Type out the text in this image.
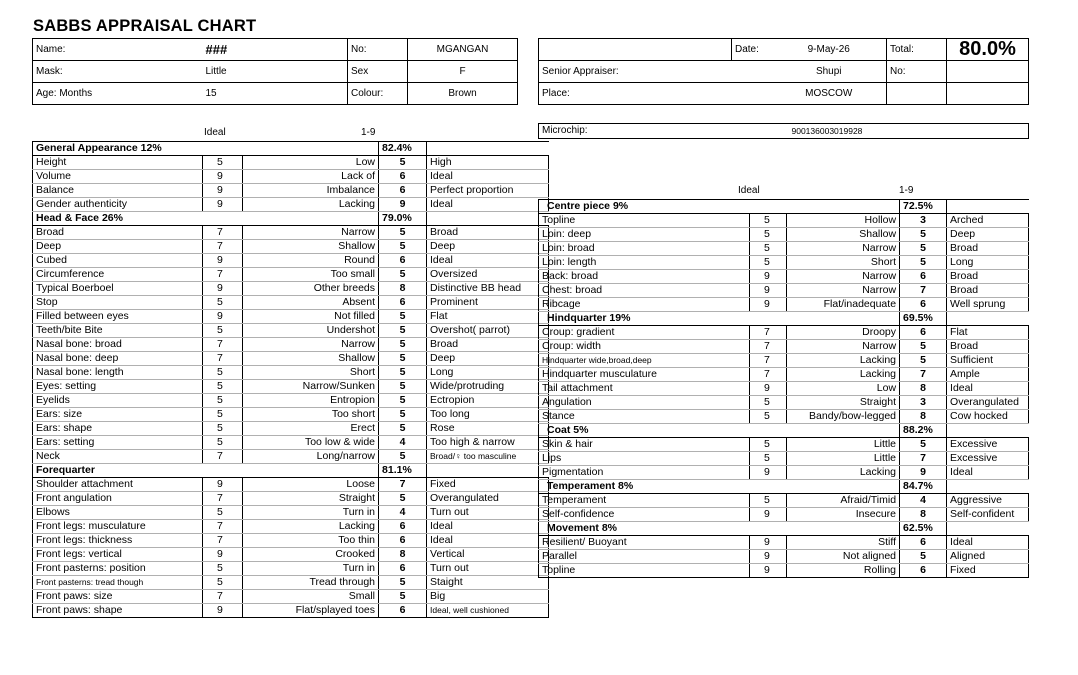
SABBS APPRAISAL CHART
Name:	###	No:	MGANGAN
Mask:	Little	Sex	F
Age: Months	15	Colour:	Brown
	Date:	9-May-26	Total:	80.0%
Senior Appraiser:		Shupi	No:	
Place:		MOSCOW		
Microchip:	900136003019928
Ideal	1-9
Ideal	1-9
General Appearance 12%			82.4%	
Height	5	Low	5	High
Volume	9	Lack of	6	Ideal
Balance	9	Imbalance	6	Perfect proportion
Gender authenticity	9	Lacking	9	Ideal
Head & Face 26%			79.0%	
Broad	7	Narrow	5	Broad
Deep	7	Shallow	5	Deep
Cubed	9	Round	6	Ideal
Circumference	7	Too small	5	Oversized
Typical Boerboel	9	Other breeds	8	Distinctive BB head
Stop	5	Absent	6	Prominent
Filled between eyes	9	Not filled	5	Flat
Teeth/bite Bite	5	Undershot	5	Overshot( parrot)
Nasal bone: broad	7	Narrow	5	Broad
Nasal bone: deep	7	Shallow	5	Deep
Nasal bone: length	5	Short	5	Long
Eyes: setting	5	Narrow/Sunken	5	Wide/protruding
Eyelids	5	Entropion	5	Ectropion
Ears: size	5	Too short	5	Too long
Ears: shape	5	Erect	5	Rose
Ears: setting	5	Too low & wide	4	Too high & narrow
Neck	7	Long/narrow	5	Broad/♀ too masculine
Forequarter			81.1%	
Shoulder attachment	9	Loose	7	Fixed
Front angulation	7	Straight	5	Overangulated
Elbows	5	Turn in	4	Turn out
Front legs: musculature	7	Lacking	6	Ideal
Front legs: thickness	7	Too thin	6	Ideal
Front legs: vertical	9	Crooked	8	Vertical
Front pasterns: position	5	Turn in	6	Turn out
Front pasterns: tread though	5	Tread through	5	Staight
Front paws: size	7	Small	5	Big
Front paws: shape	9	Flat/splayed toes	6	Ideal, well cushioned
Centre piece 9%			72.5%	
Topline	5	Hollow	3	Arched
Loin: deep	5	Shallow	5	Deep
Loin: broad	5	Narrow	5	Broad
Loin: length	5	Short	5	Long
Back: broad	9	Narrow	6	Broad
Chest: broad	9	Narrow	7	Broad
Ribcage	9	Flat/inadequate	6	Well sprung
Hindquarter 19%			69.5%	
Croup: gradient	7	Droopy	6	Flat
Croup: width	7	Narrow	5	Broad
Hindquarter wide,broad,deep	7	Lacking	5	Sufficient
Hindquarter musculature	7	Lacking	7	Ample
Tail attachment	9	Low	8	Ideal
Angulation	5	Straight	3	Overangulated
Stance	5	Bandy/bow-legged	8	Cow hocked
Coat 5%			88.2%	
Skin & hair	5	Little	5	Excessive
Lips	5	Little	7	Excessive
Pigmentation	9	Lacking	9	Ideal
Temperament 8%			84.7%	
Temperament	5	Afraid/Timid	4	Aggressive
Self-confidence	9	Insecure	8	Self-confident
Movement 8%			62.5%	
Resilient/ Buoyant	9	Stiff	6	Ideal
Parallel	9	Not aligned	5	Aligned
Topline	9	Rolling	6	Fixed
